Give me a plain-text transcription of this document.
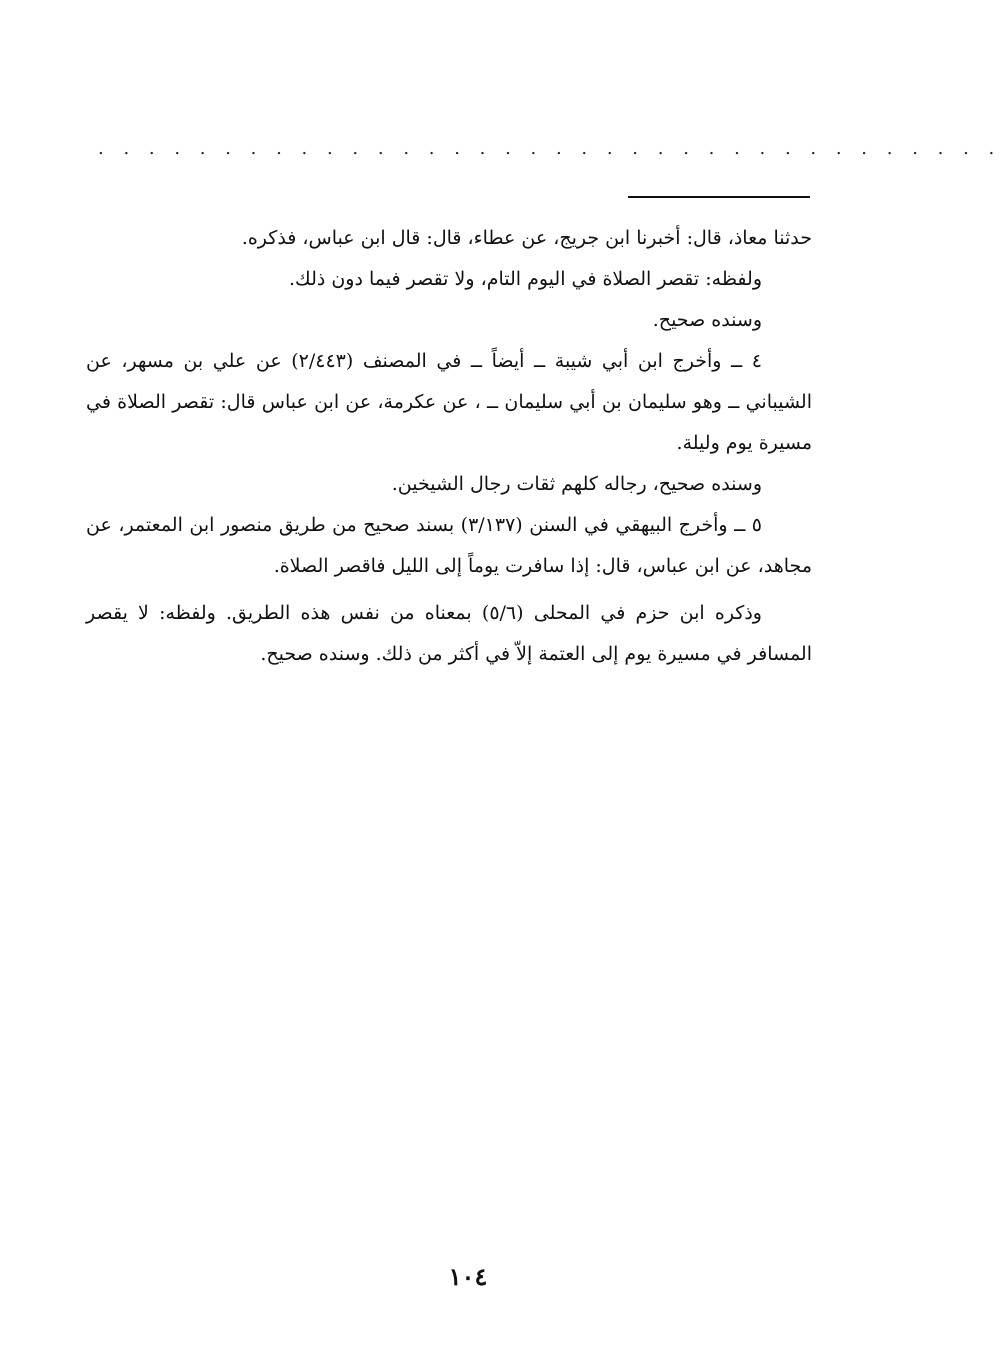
. . . . . . . . . . . . . . . . . . . . . . . . . . . . . . . . . . . .

حدثنا معاذ، قال: أخبرنا ابن جريج، عن عطاء، قال: قال ابن عباس، فذكره.

ولفظه: تقصر الصلاة في اليوم التام، ولا تقصر فيما دون ذلك.

وسنده صحيح.

٤ ــ وأخرج ابن أبي شيبة ــ أيضاً ــ في المصنف (٢/٤٤٣) عن علي بن مسهر، عن الشيباني ــ وهو سليمان بن أبي سليمان ــ ، عن عكرمة، عن ابن عباس قال: تقصر الصلاة في مسيرة يوم وليلة.

وسنده صحيح، رجاله كلهم ثقات رجال الشيخين.

٥ ــ وأخرج البيهقي في السنن (٣/١٣٧) بسند صحيح من طريق منصور ابن المعتمر، عن مجاهد، عن ابن عباس، قال: إذا سافرت يوماً إلى الليل فاقصر الصلاة.

وذكره ابن حزم في المحلى (٥/٦) بمعناه من نفس هذه الطريق. ولفظه: لا يقصر المسافر في مسيرة يوم إلى العتمة إلاّ في أكثر من ذلك. وسنده صحيح.

١٠٤
